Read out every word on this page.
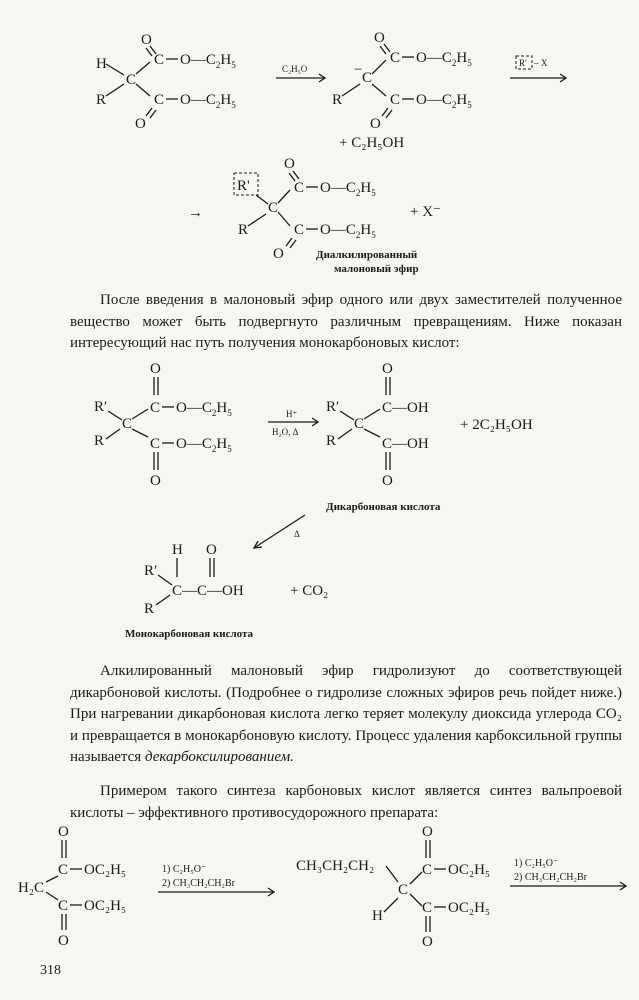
H
C
R
O
C $O—C_2H_5$
C $O—C_2H_5$
O
C₂H₅O	− C
R
O
C $O—C_2H_5$
C $O—C_2H_5$
O
R' – X
+ C₂H₅OH
→
R'
C
R
O
C $O—C_2H_5$
C $O—C_2H_5$
O
+ X⁻
Диалкилированный
малоновый эфир

После введения в малоновый эфир одного или двух заместителей полученное вещество может быть подвергнуто различным превращениям. Ниже показан интересующий нас путь получения монокарбоновых кислот:

R′
R
C
O
C $O—C_2H_5$
C $O—C_2H_5$
O
H⁺
H₂O, Δ
R′
R
C
O
C—OH
C—OH
O
+ 2C₂H₅OH
Дикарбоновая кислота
Δ
H O
R′
R
C—C—OH	+ CO₂
Монокарбоновая кислота

Алкилированный малоновый эфир гидролизуют до соответствующей дикарбоновой кислоты. (Подробнее о гидролизе сложных эфиров речь пойдет ниже.) При нагревании дикарбоновая кислота легко теряет молекулу диоксида углерода CO₂ и превращается в монокарбоновую кислоту. Процесс удаления карбоксильной группы называется декарбоксилированием.

Примером такого синтеза карбоновых кислот является синтез вальпроевой кислоты – эффективного противосудорожного препарата:

O
C OC₂H₅
H₂C
C OC₂H₅
O
1) C₂H₅O⁻
2) CH₃CH₂CH₂Br
CH₃CH₂CH₂
C
H
O
C OC₂H₅
C OC₂H₅
O
1) C₂H₅O⁻
2) CH₃CH₂CH₂Br
318
